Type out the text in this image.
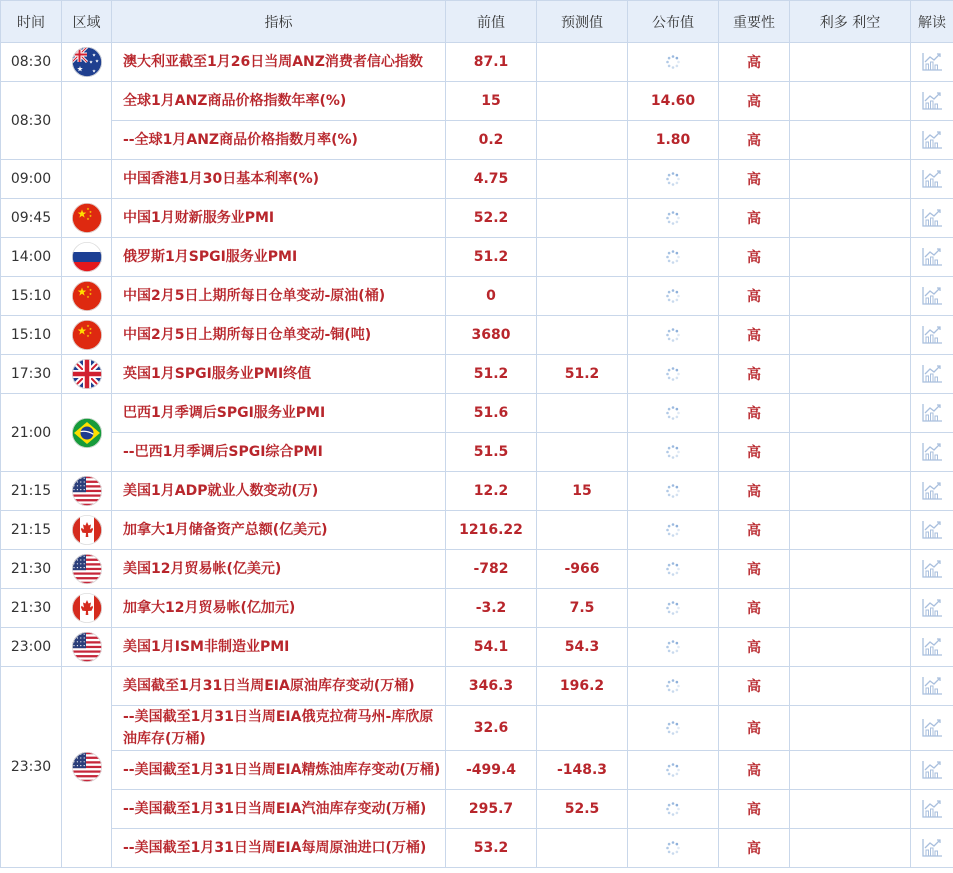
时间	区域	指标	前值	预测值	公布值	重要性	利多 利空	解读
08:30		澳大利亚截至1月26日当周ANZ消费者信心指数	87.1			高		
08:30		全球1月ANZ商品价格指数年率(%)	15		14.60	高		
		--全球1月ANZ商品价格指数月率(%)	0.2		1.80	高		
09:00		中国香港1月30日基本利率(%)	4.75			高		
09:45		中国1月财新服务业PMI	52.2			高		
14:00		俄罗斯1月SPGI服务业PMI	51.2			高		
15:10		中国2月5日上期所每日仓单变动-原油(桶)	0			高		
15:10		中国2月5日上期所每日仓单变动-铜(吨)	3680			高		
17:30		英国1月SPGI服务业PMI终值	51.2	51.2		高		
21:00		巴西1月季调后SPGI服务业PMI	51.6			高		
		--巴西1月季调后SPGI综合PMI	51.5			高		
21:15		美国1月ADP就业人数变动(万)	12.2	15		高		
21:15		加拿大1月储备资产总额(亿美元)	1216.22			高		
21:30		美国12月贸易帐(亿美元)	-782	-966		高		
21:30		加拿大12月贸易帐(亿加元)	-3.2	7.5		高		
23:00		美国1月ISM非制造业PMI	54.1	54.3		高		
23:30		美国截至1月31日当周EIA原油库存变动(万桶)	346.3	196.2		高		
		--美国截至1月31日当周EIA俄克拉荷马州-库欣原油库存(万桶)	32.6			高		
		--美国截至1月31日当周EIA精炼油库存变动(万桶)	-499.4	-148.3		高		
		--美国截至1月31日当周EIA汽油库存变动(万桶)	295.7	52.5		高		
		--美国截至1月31日当周EIA每周原油进口(万桶)	53.2			高		
